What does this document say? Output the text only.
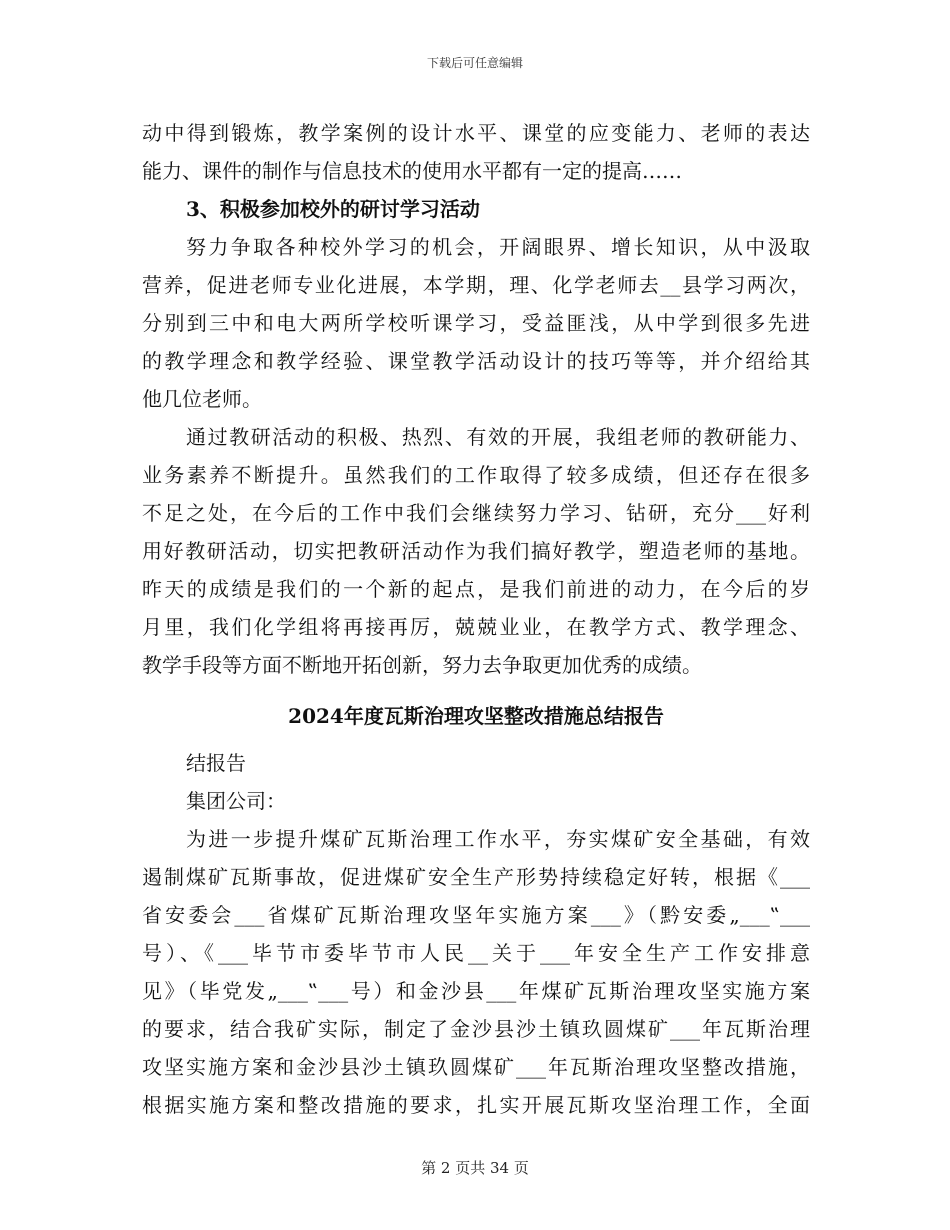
下载后可任意编辑
动中得到锻炼，教学案例的设计水平、课堂的应变能力、老师的表达
能力、课件的制作与信息技术的使用水平都有一定的提高……
3、积极参加校外的研讨学习活动
努力争取各种校外学习的机会，开阔眼界、增长知识，从中汲取
营养，促进老师专业化进展，本学期，理、化学老师去__县学习两次，
分别到三中和电大两所学校听课学习，受益匪浅，从中学到很多先进
的教学理念和教学经验、课堂教学活动设计的技巧等等，并介绍给其
他几位老师。
通过教研活动的积极、热烈、有效的开展，我组老师的教研能力、
业务素养不断提升。虽然我们的工作取得了较多成绩，但还存在很多
不足之处，在今后的工作中我们会继续努力学习、钻研，充分___好利
用好教研活动，切实把教研活动作为我们搞好教学，塑造老师的基地。
昨天的成绩是我们的一个新的起点，是我们前进的动力，在今后的岁
月里，我们化学组将再接再厉，兢兢业业，在教学方式、教学理念、
教学手段等方面不断地开拓创新，努力去争取更加优秀的成绩。
2024年度瓦斯治理攻坚整改措施总结报告
结报告
集团公司：
为进一步提升煤矿瓦斯治理工作水平，夯实煤矿安全基础，有效
遏制煤矿瓦斯事故，促进煤矿安全生产形势持续稳定好转，根据《___
省安委会___省煤矿瓦斯治理攻坚年实施方案___》（黔安委„___‟___
号）、《___毕节市委毕节市人民__关于___年安全生产工作安排意
见》（毕党发„___‟___号）和金沙县___年煤矿瓦斯治理攻坚实施方案
的要求，结合我矿实际，制定了金沙县沙土镇玖圆煤矿___年瓦斯治理
攻坚实施方案和金沙县沙土镇玖圆煤矿___年瓦斯治理攻坚整改措施，
根据实施方案和整改措施的要求，扎实开展瓦斯攻坚治理工作，全面
第 2 页共 34 页
